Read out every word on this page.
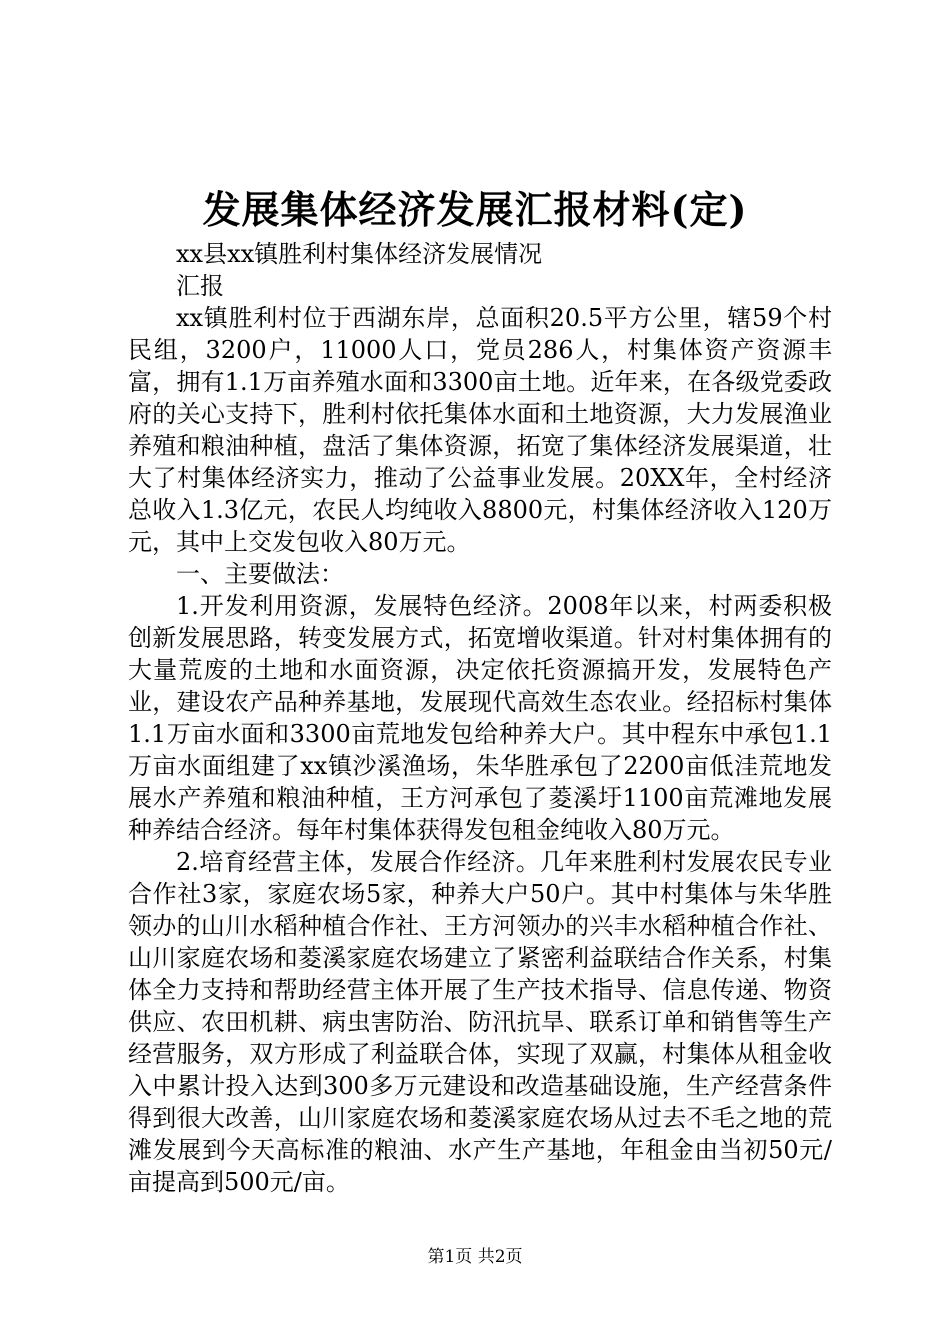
发展集体经济发展汇报材料(定)

xx县xx镇胜利村集体经济发展情况

汇报

xx镇胜利村位于西湖东岸，总面积20.5平方公里，辖59个村民组，3200户，11000人口，党员286人，村集体资产资源丰富，拥有1.1万亩养殖水面和3300亩土地。近年来，在各级党委政府的关心支持下，胜利村依托集体水面和土地资源，大力发展渔业养殖和粮油种植，盘活了集体资源，拓宽了集体经济发展渠道，壮大了村集体经济实力，推动了公益事业发展。20XX年，全村经济总收入1.3亿元，农民人均纯收入8800元，村集体经济收入120万元，其中上交发包收入80万元。

一、主要做法：

1.开发利用资源，发展特色经济。2008年以来，村两委积极创新发展思路，转变发展方式，拓宽增收渠道。针对村集体拥有的大量荒废的土地和水面资源，决定依托资源搞开发，发展特色产业，建设农产品种养基地，发展现代高效生态农业。经招标村集体1.1万亩水面和3300亩荒地发包给种养大户。其中程东中承包1.1万亩水面组建了xx镇沙溪渔场，朱华胜承包了2200亩低洼荒地发展水产养殖和粮油种植，王方河承包了菱溪圩1100亩荒滩地发展种养结合经济。每年村集体获得发包租金纯收入80万元。

2.培育经营主体，发展合作经济。几年来胜利村发展农民专业合作社3家，家庭农场5家，种养大户50户。其中村集体与朱华胜领办的山川水稻种植合作社、王方河领办的兴丰水稻种植合作社、山川家庭农场和菱溪家庭农场建立了紧密利益联结合作关系，村集体全力支持和帮助经营主体开展了生产技术指导、信息传递、物资供应、农田机耕、病虫害防治、防汛抗旱、联系订单和销售等生产经营服务，双方形成了利益联合体，实现了双赢，村集体从租金收入中累计投入达到300多万元建设和改造基础设施，生产经营条件得到很大改善，山川家庭农场和菱溪家庭农场从过去不毛之地的荒滩发展到今天高标准的粮油、水产生产基地，年租金由当初50元/亩提高到500元/亩。

第1页 共2页
